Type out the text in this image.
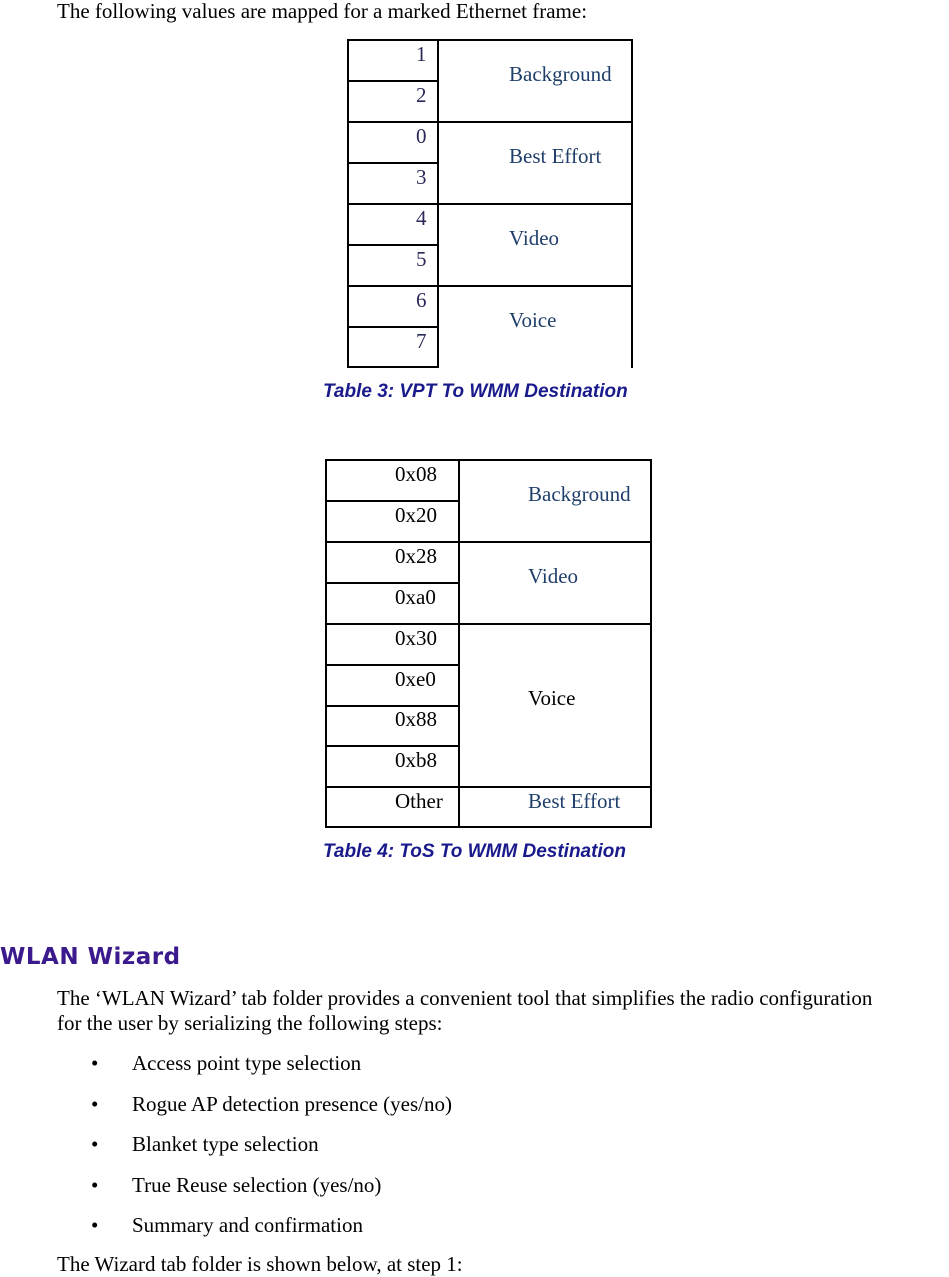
The following values are mapped for a marked Ethernet frame:
1
2
0
3
4
5
6
7
Background
Best Effort
Video
Voice
Table 3: VPT To WMM Destination
0x08
0x20
0x28
0xa0
0x30
0xe0
0x88
0xb8
Other
Background
Video
Voice
Best Effort
Table 4: ToS To WMM Destination
WLAN Wizard
The ‘WLAN Wizard’ tab folder provides a convenient tool that simplifies the radio configuration
for the user by serializing the following steps:
• Access point type selection
• Rogue AP detection presence (yes/no)
• Blanket type selection
• True Reuse selection (yes/no)
• Summary and confirmation
The Wizard tab folder is shown below, at step 1:
